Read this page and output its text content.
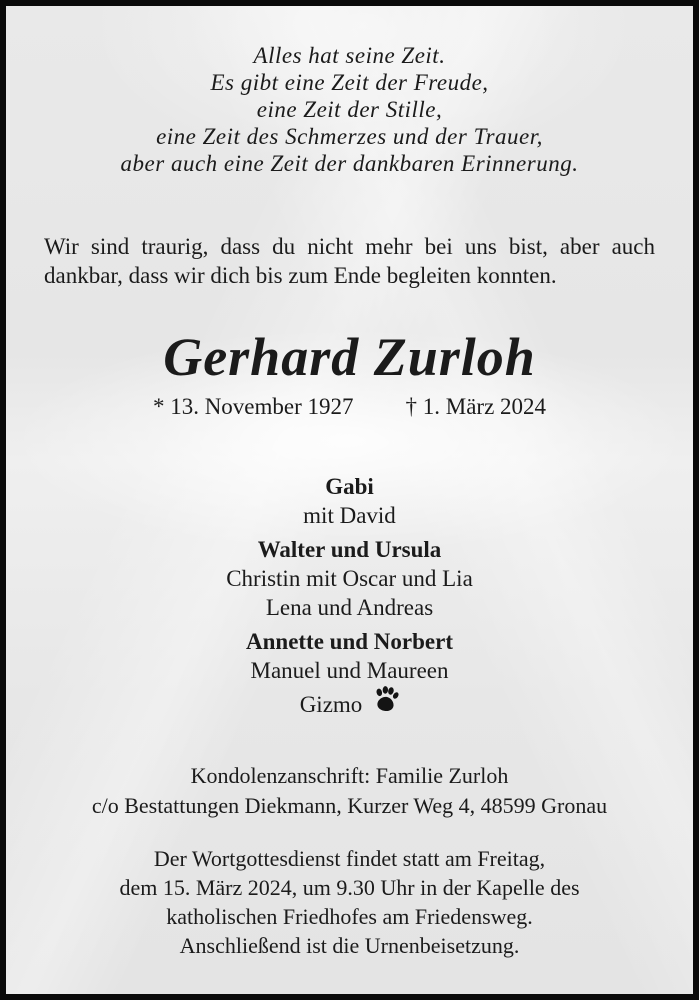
Alles hat seine Zeit.
Es gibt eine Zeit der Freude,
eine Zeit der Stille,
eine Zeit des Schmerzes und der Trauer,
aber auch eine Zeit der dankbaren Erinnerung.

Wir sind traurig, dass du nicht mehr bei uns bist, aber auch dankbar, dass wir dich bis zum Ende begleiten konnten.

Gerhard Zurloh
* 13. November 1927 † 1. März 2024
Gabi
mit David
Walter und Ursula
Christin mit Oscar und Lia
Lena und Andreas
Annette und Norbert
Manuel und Maureen
Gizmo
Kondolenzanschrift: Familie Zurloh
c/o Bestattungen Diekmann, Kurzer Weg 4, 48599 Gronau
Der Wortgottesdienst findet statt am Freitag,
dem 15. März 2024, um 9.30 Uhr in der Kapelle des
katholischen Friedhofes am Friedensweg.
Anschließend ist die Urnenbeisetzung.
